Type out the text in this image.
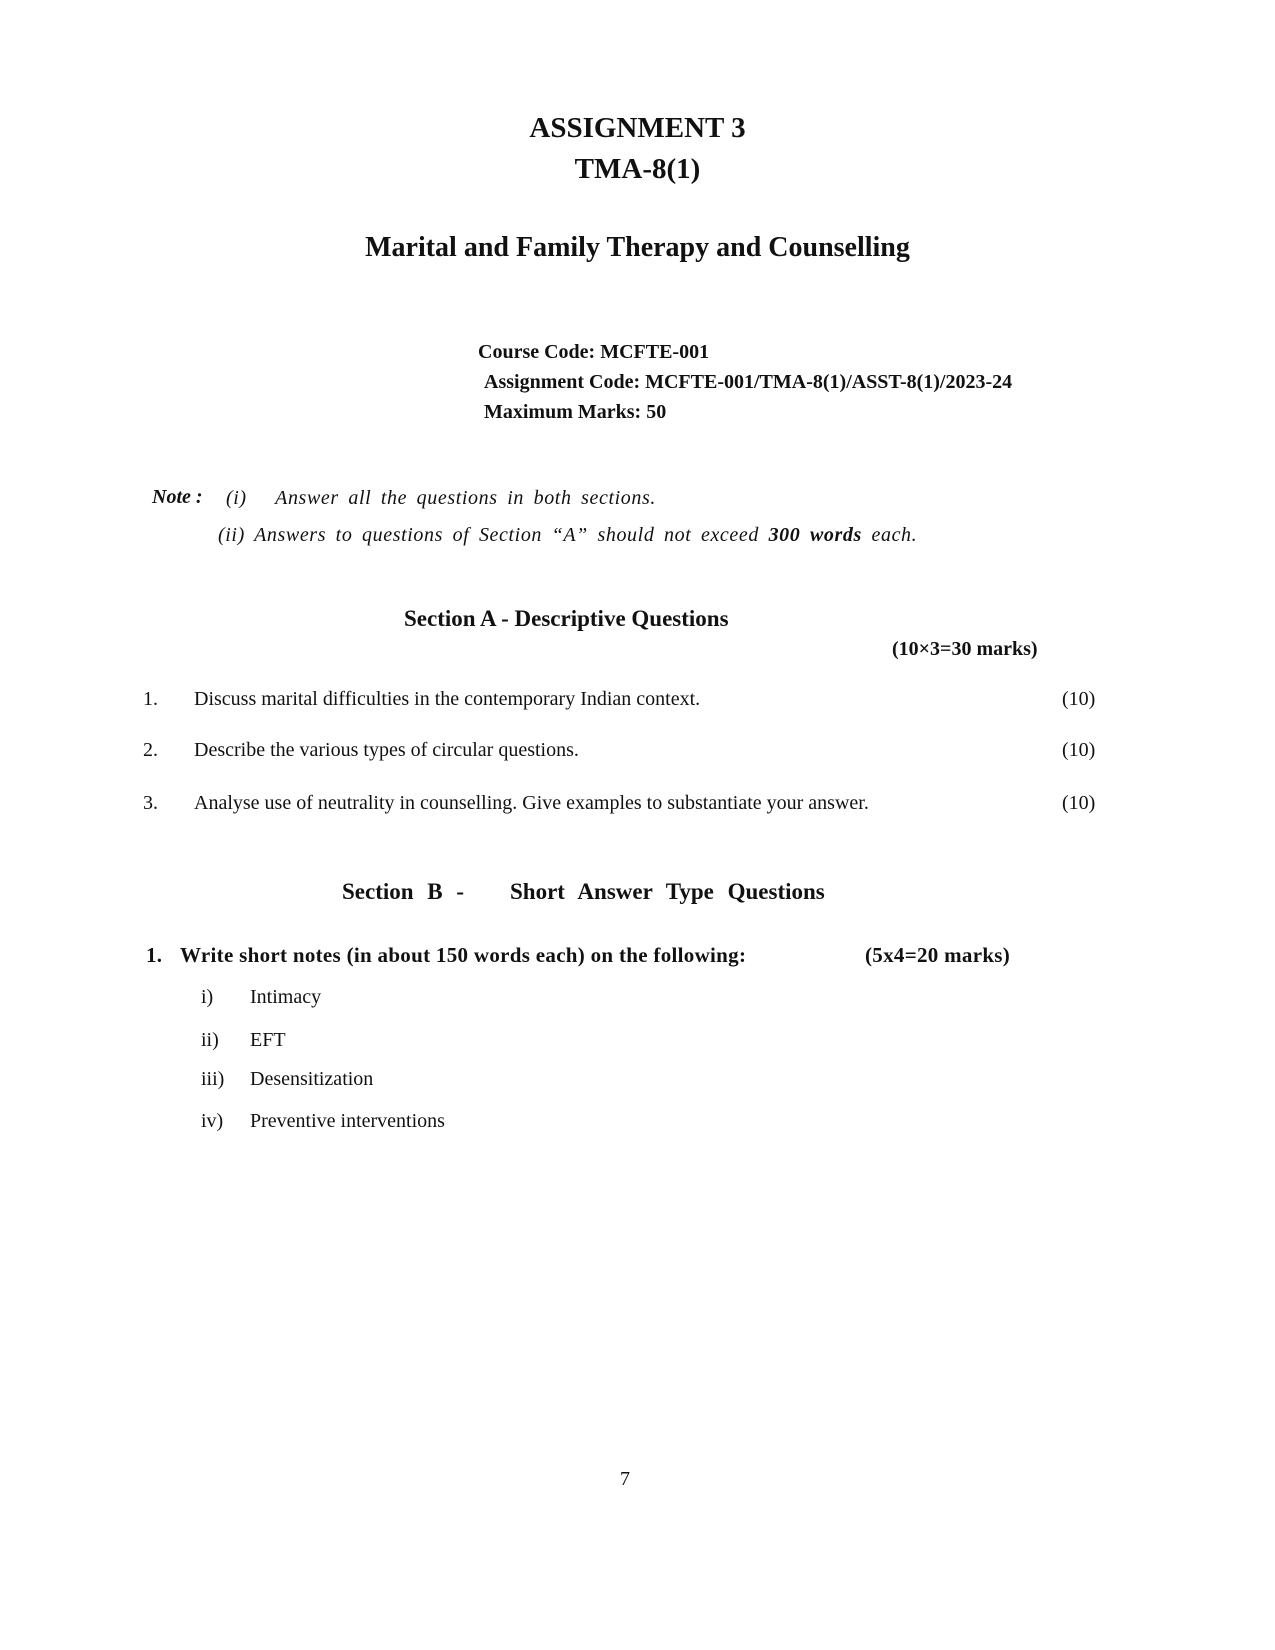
ASSIGNMENT 3
TMA-8(1)
Marital and Family Therapy and Counselling
Course Code: MCFTE-001
Assignment Code: MCFTE-001/TMA-8(1)/ASST-8(1)/2023-24
Maximum Marks: 50
Note : (i) Answer all the questions in both sections.
(ii) Answers to questions of Section “A” should not exceed 300 words each.
Section A - Descriptive Questions
(10×3=30 marks)
1. Discuss marital difficulties in the contemporary Indian context.	(10)
2. Describe the various types of circular questions.	(10)
3. Analyse use of neutrality in counselling. Give examples to substantiate your answer.	(10)
Section B - Short Answer Type Questions
1. Write short notes (in about 150 words each) on the following:	(5x4=20 marks)
i) Intimacy
ii) EFT
iii) Desensitization
iv) Preventive interventions
7
